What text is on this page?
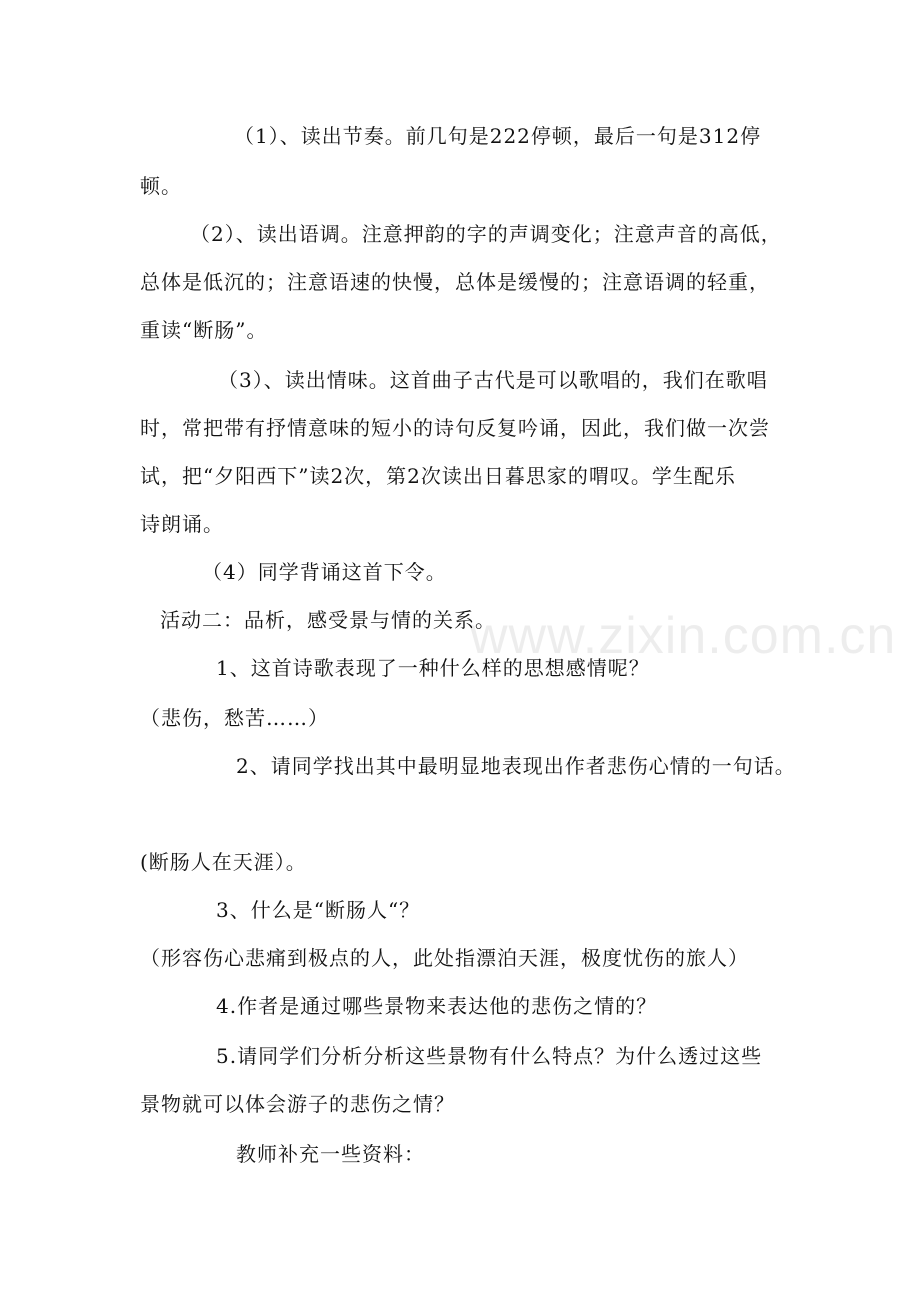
www.zixin.com.cn
（1）、读出节奏。前几句是222停顿，最后一句是312停
顿。
（2）、读出语调。注意押韵的字的声调变化；注意声音的高低，
总体是低沉的；注意语速的快慢，总体是缓慢的；注意语调的轻重，
重读“断肠”。
（3）、读出情味。这首曲子古代是可以歌唱的，我们在歌唱
时，常把带有抒情意味的短小的诗句反复吟诵，因此，我们做一次尝
试，把“夕阳西下”读2次，第2次读出日暮思家的喟叹。学生配乐
诗朗诵。
（4）同学背诵这首下令。
活动二：品析，感受景与情的关系。
1、这首诗歌表现了一种什么样的思想感情呢？
（悲伤，愁苦……）
2、请同学找出其中最明显地表现出作者悲伤心情的一句话。
(断肠人在天涯）。
3、什么是“断肠人“？
（形容伤心悲痛到极点的人，此处指漂泊天涯，极度忧伤的旅人）
4.作者是通过哪些景物来表达他的悲伤之情的？
5.请同学们分析分析这些景物有什么特点？为什么透过这些
景物就可以体会游子的悲伤之情？
教师补充一些资料：
